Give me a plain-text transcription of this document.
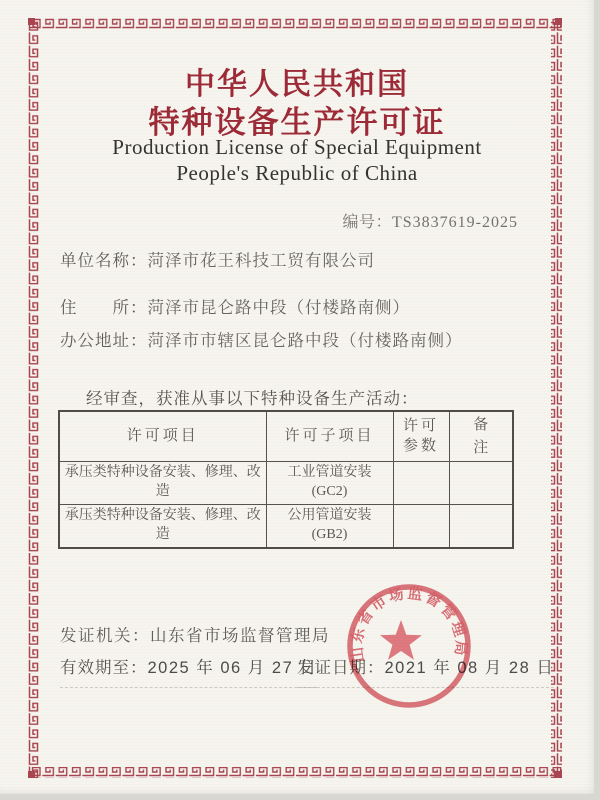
中华人民共和国
特种设备生产许可证
Production License of Special Equipment
People's Republic of China
编号：TS3837619-2025
单位名称：菏泽市花王科技工贸有限公司
住　　所：菏泽市昆仑路中段（付楼路南侧）
办公地址：菏泽市市辖区昆仑路中段（付楼路南侧）
经审查，获准从事以下特种设备生产活动：
许可项目	许可子项目	许可参数	备注
承压类特种设备安装、修理、改造	工业管道安装
(GC2)		

承压类特种设备安装、修理、改造	公用管道安装
(GB2)		

发证机关：山东省市场监督管理局
有效期至：2025 年 06 月 27 日
发证日期：2021 年 08 月 28 日
山东省市场监督管理局
